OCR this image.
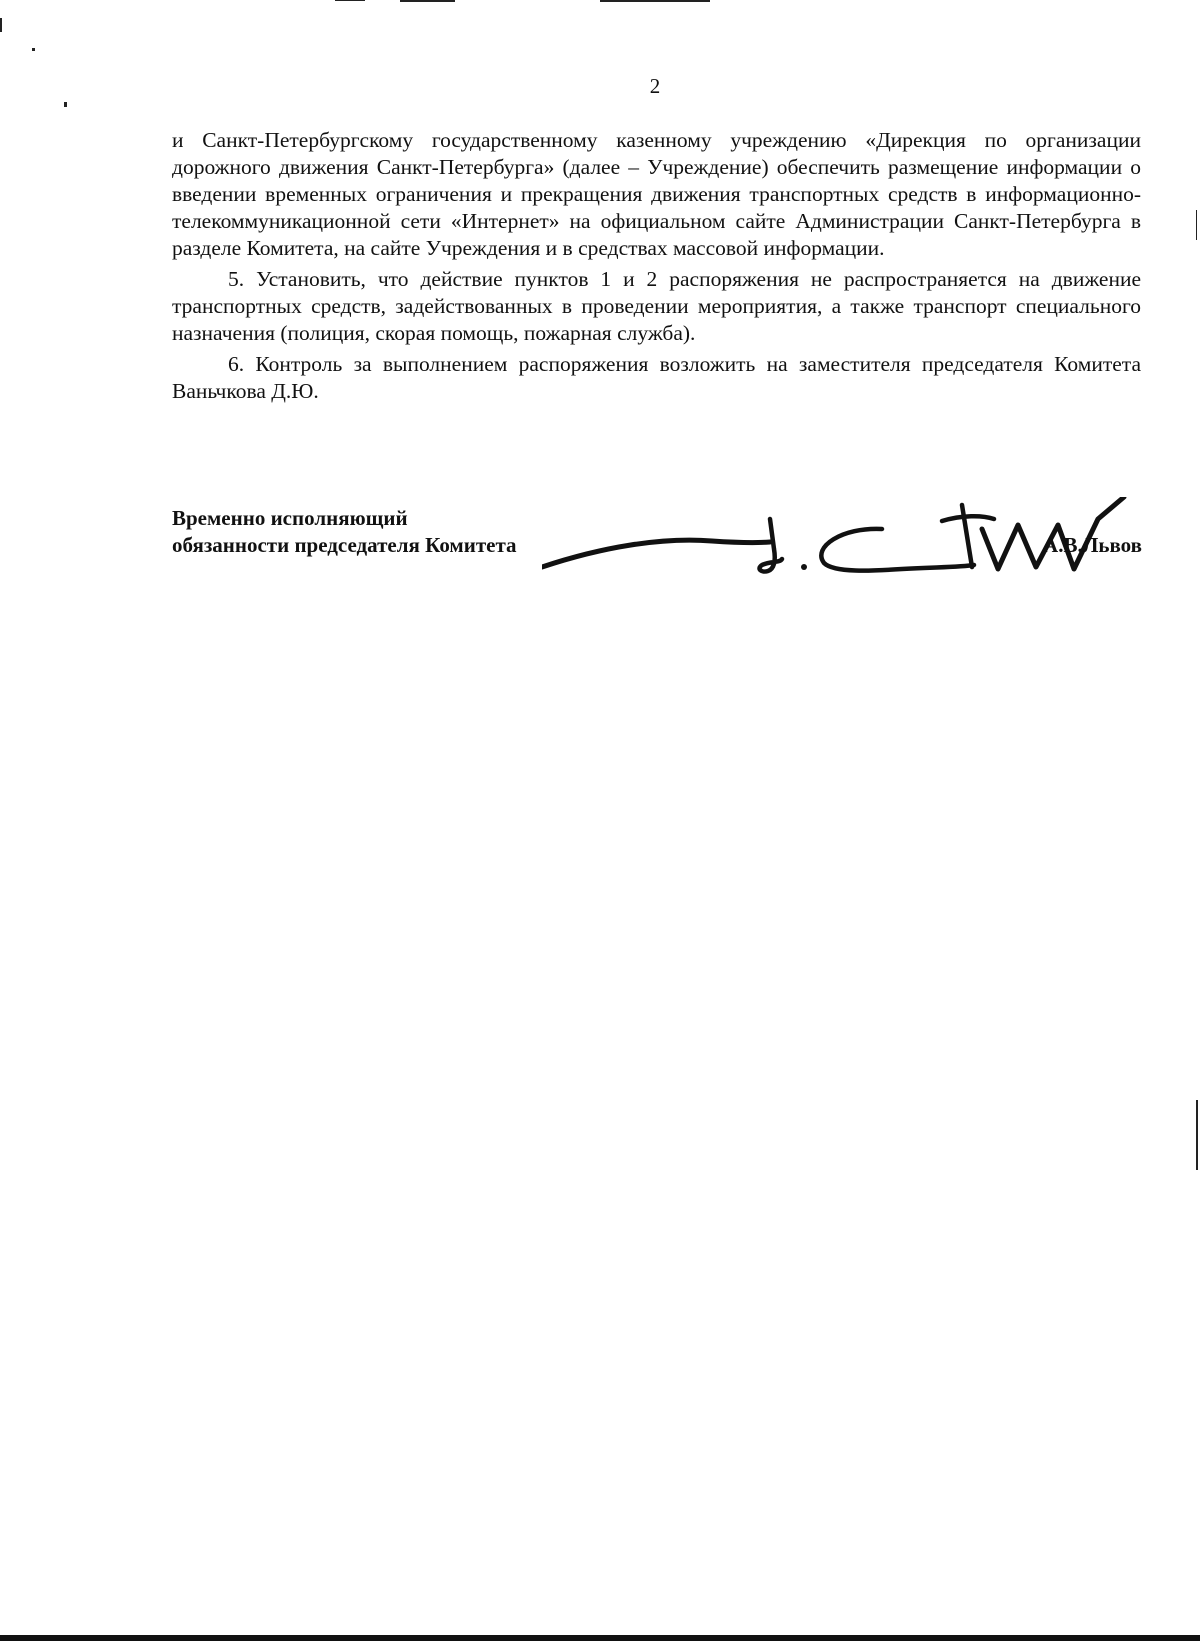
2

и Санкт-Петербургскому государственному казенному учреждению «Дирекция по организации дорожного движения Санкт-Петербурга» (далее – Учреждение) обеспечить размещение информации о введении временных ограничения и прекращения движения транспортных средств в информационно-телекоммуникационной сети «Интернет» на официальном сайте Администрации Санкт-Петербурга в разделе Комитета, на сайте Учреждения и в средствах массовой информации.

5. Установить, что действие пунктов 1 и 2 распоряжения не распространяется на движение транспортных средств, задействованных в проведении мероприятия, а также транспорт специального назначения (полиция, скорая помощь, пожарная служба).

6. Контроль за выполнением распоряжения возложить на заместителя председателя Комитета Ваньчкова Д.Ю.

Временно исполняющий
обязанности председателя Комитета	А.В.Львов
